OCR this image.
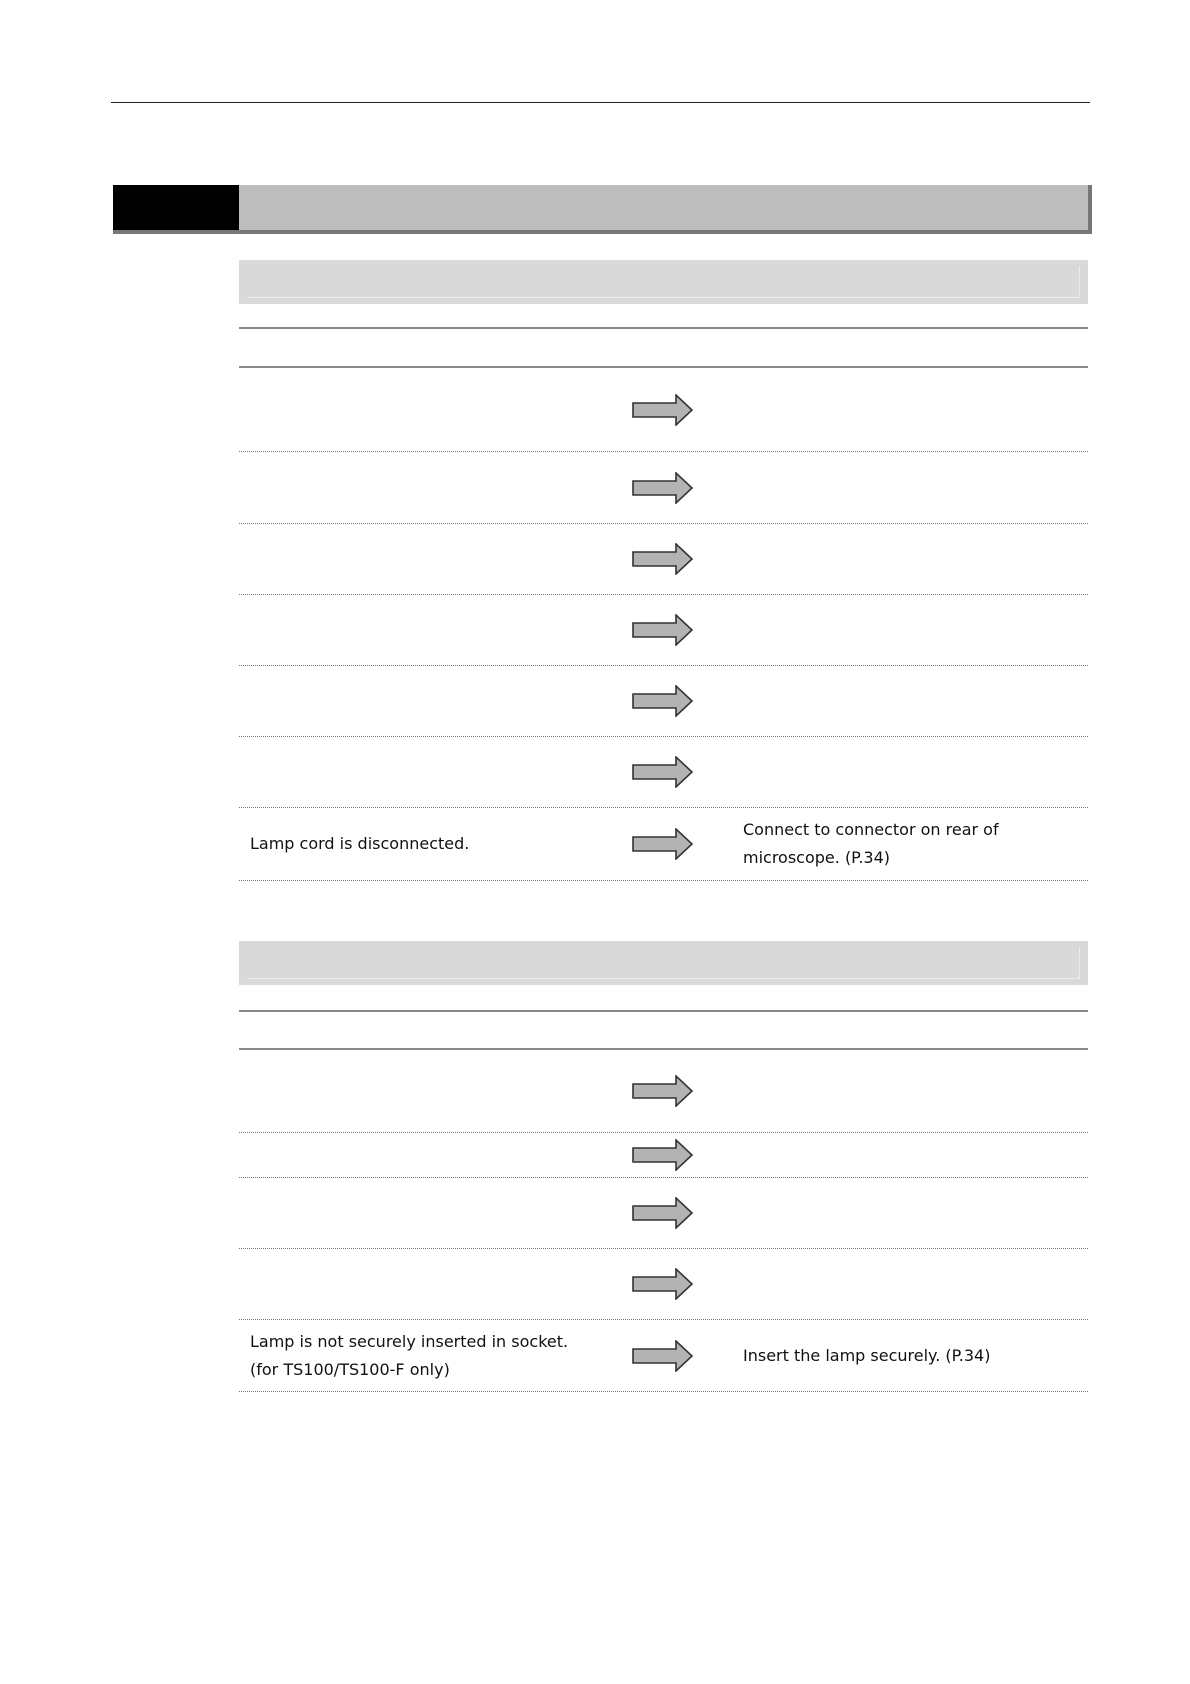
Lamp cord is disconnected.
Connect to connector on rear of microscope. (P.34)
Lamp is not securely inserted in socket.
(for TS100/TS100-F only)
Insert the lamp securely. (P.34)
